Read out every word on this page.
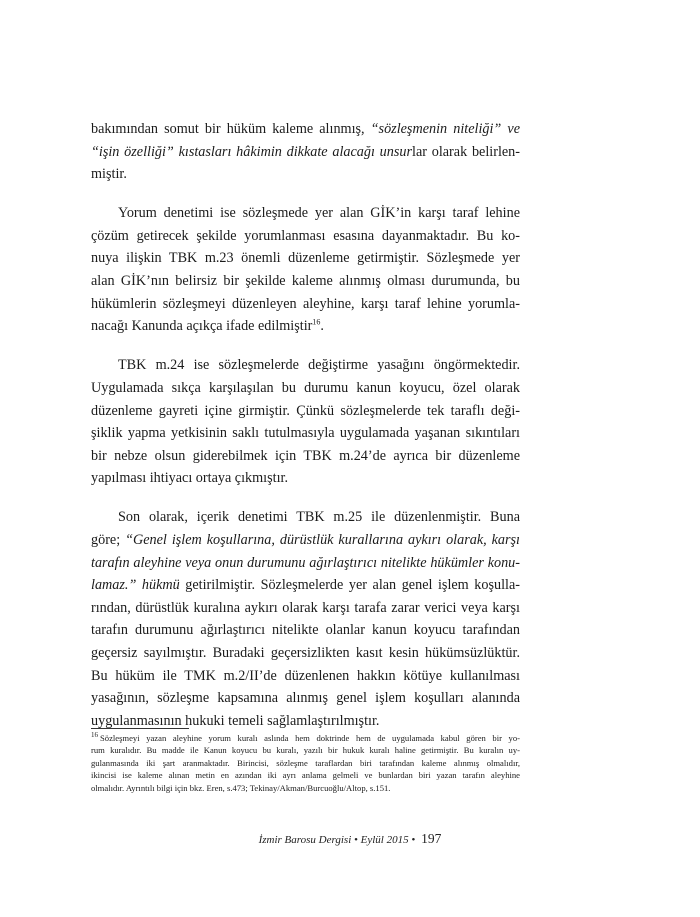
bakımından somut bir hüküm kaleme alınmış, “sözleşmenin niteliği” ve
“işin özelliği” kıstasları hâkimin dikkate alacağı unsurlar olarak belirlen-
miştir.
Yorum denetimi ise sözleşmede yer alan GİK’in karşı taraf lehine
çözüm getirecek şekilde yorumlanması esasına dayanmaktadır. Bu ko-
nuya ilişkin TBK m.23 önemli düzenleme getirmiştir. Sözleşmede yer
alan GİK’nın belirsiz bir şekilde kaleme alınmış olması durumunda, bu
hükümlerin sözleşmeyi düzenleyen aleyhine, karşı taraf lehine yorumla-
nacağı Kanunda açıkça ifade edilmiştir$^{16}$.
TBK m.24 ise sözleşmelerde değiştirme yasağını öngörmektedir.
Uygulamada sıkça karşılaşılan bu durumu kanun koyucu, özel olarak
düzenleme gayreti içine girmiştir. Çünkü sözleşmelerde tek taraflı deği-
şiklik yapma yetkisinin saklı tutulmasıyla uygulamada yaşanan sıkıntıları
bir nebze olsun giderebilmek için TBK m.24’de ayrıca bir düzenleme
yapılması ihtiyacı ortaya çıkmıştır.
Son olarak, içerik denetimi TBK m.25 ile düzenlenmiştir. Buna
göre; “Genel işlem koşullarına, dürüstlük kurallarına aykırı olarak, karşı
tarafın aleyhine veya onun durumunu ağırlaştırıcı nitelikte hükümler konu-
lamaz.” hükmü getirilmiştir. Sözleşmelerde yer alan genel işlem koşulla-
rından, dürüstlük kuralına aykırı olarak karşı tarafa zarar verici veya karşı
tarafın durumunu ağırlaştırıcı nitelikte olanlar kanun koyucu tarafından
geçersiz sayılmıştır. Buradaki geçersizlikten kasıt kesin hükümsüzlüktür.
Bu hüküm ile TMK m.2/II’de düzenlenen hakkın kötüye kullanılması
yasağının, sözleşme kapsamına alınmış genel işlem koşulları alanında
uygulanmasının hukuki temeli sağlamlaştırılmıştır.
$^{16}$ Sözleşmeyi yazan aleyhine yorum kuralı aslında hem doktrinde hem de uygulamada kabul gören bir yo-
rum kuralıdır. Bu madde ile Kanun koyucu bu kuralı, yazılı bir hukuk kuralı haline getirmiştir. Bu kuralın uy-
gulanmasında iki şart aranmaktadır. Birincisi, sözleşme taraflardan biri tarafından kaleme alınmış olmalıdır,
ikincisi ise kaleme alınan metin en azından iki ayrı anlama gelmeli ve bunlardan biri yazan tarafın aleyhine
olmalıdır. Ayrıntılı bilgi için bkz. Eren, s.473; Tekinay/Akman/Burcuoğlu/Altop, s.151.
İzmir Barosu Dergisi • Eylül 2015 • 197
